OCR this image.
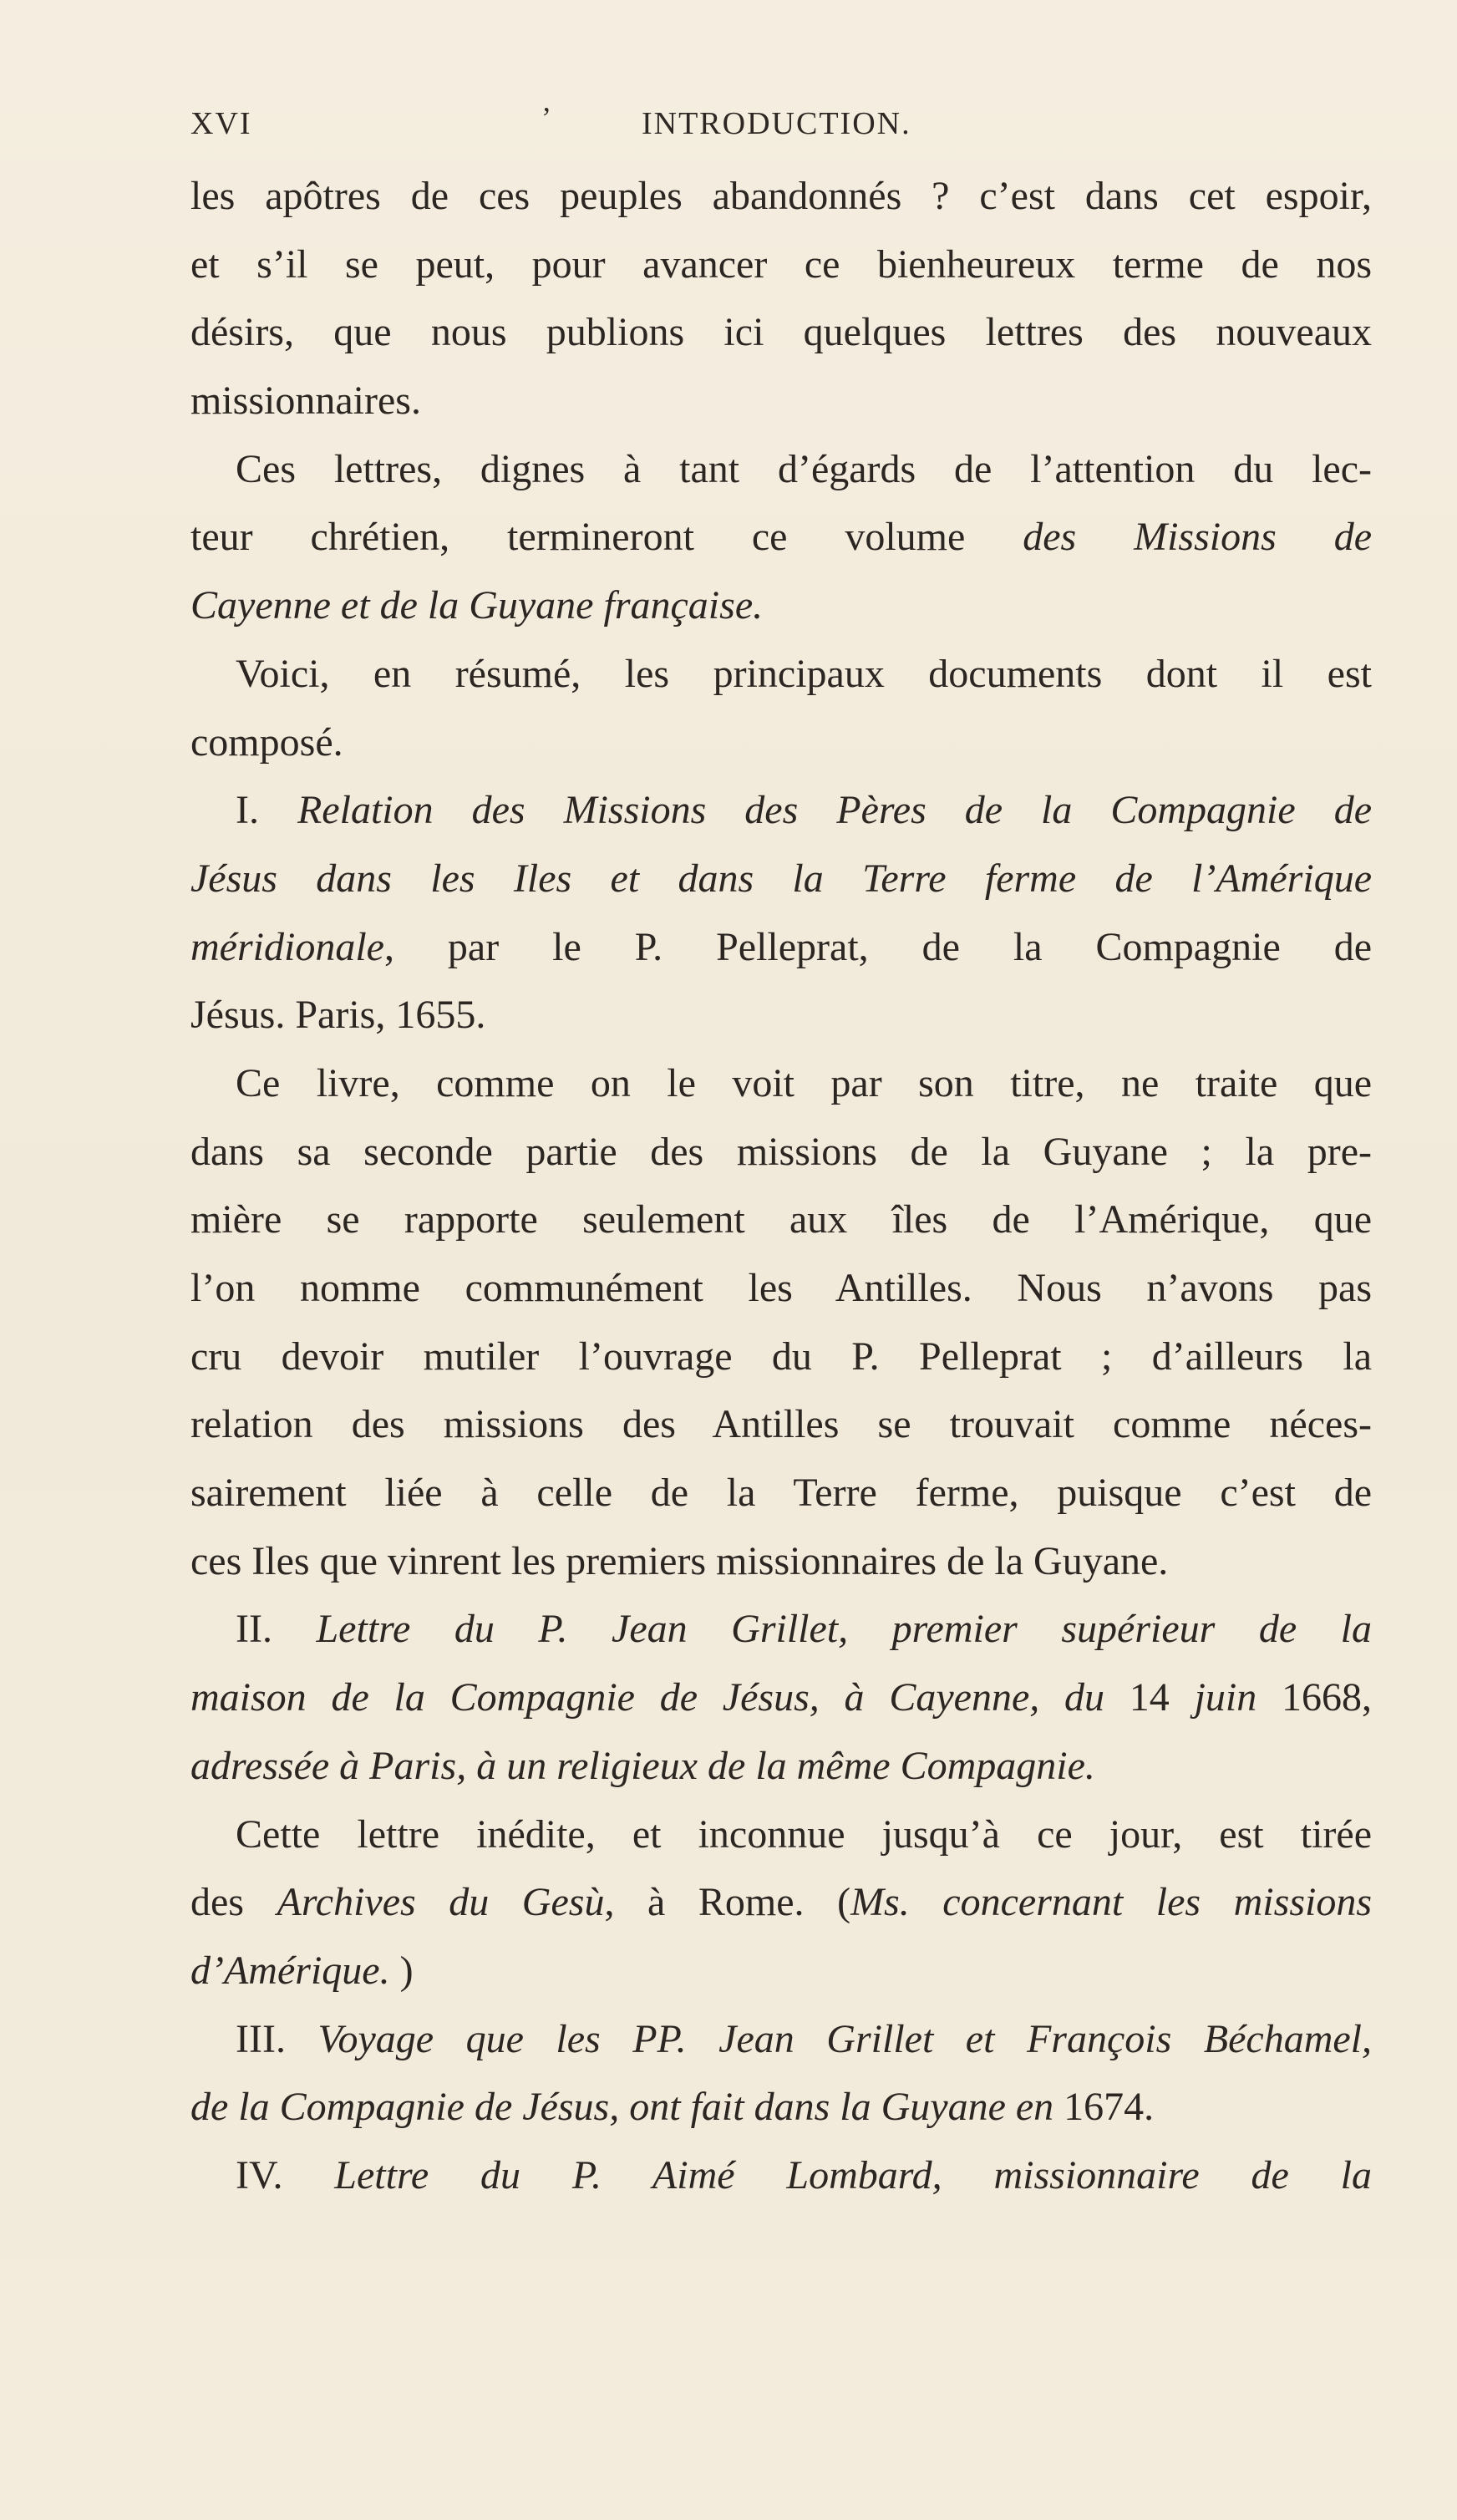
XVI	ʼ	INTRODUCTION.
les apôtres de ces peuples abandonnés ? c’est dans cet espoir,
et s’il se peut, pour avancer ce bienheureux terme de nos
désirs, que nous publions ici quelques lettres des nouveaux
missionnaires.
Ces lettres, dignes à tant d’égards de l’attention du lec-
teur chrétien, termineront ce volume des Missions de
Cayenne et de la Guyane française.
Voici, en résumé, les principaux documents dont il est
composé.
I. Relation des Missions des Pères de la Compagnie de
Jésus dans les Iles et dans la Terre ferme de l’Amérique
méridionale, par le P. Pelleprat, de la Compagnie de
Jésus. Paris, 1655.
Ce livre, comme on le voit par son titre, ne traite que
dans sa seconde partie des missions de la Guyane ; la pre-
mière se rapporte seulement aux îles de l’Amérique, que
l’on nomme communément les Antilles. Nous n’avons pas
cru devoir mutiler l’ouvrage du P. Pelleprat ; d’ailleurs la
relation des missions des Antilles se trouvait comme néces-
sairement liée à celle de la Terre ferme, puisque c’est de
ces Iles que vinrent les premiers missionnaires de la Guyane.
II. Lettre du P. Jean Grillet, premier supérieur de la
maison de la Compagnie de Jésus, à Cayenne, du 14 juin 1668,
adressée à Paris, à un religieux de la même Compagnie.
Cette lettre inédite, et inconnue jusqu’à ce jour, est tirée
des Archives du Gesù, à Rome. (Ms. concernant les missions
d’Amérique. )
III. Voyage que les PP. Jean Grillet et François Béchamel,
de la Compagnie de Jésus, ont fait dans la Guyane en 1674.
IV. Lettre du P. Aimé Lombard, missionnaire de la
